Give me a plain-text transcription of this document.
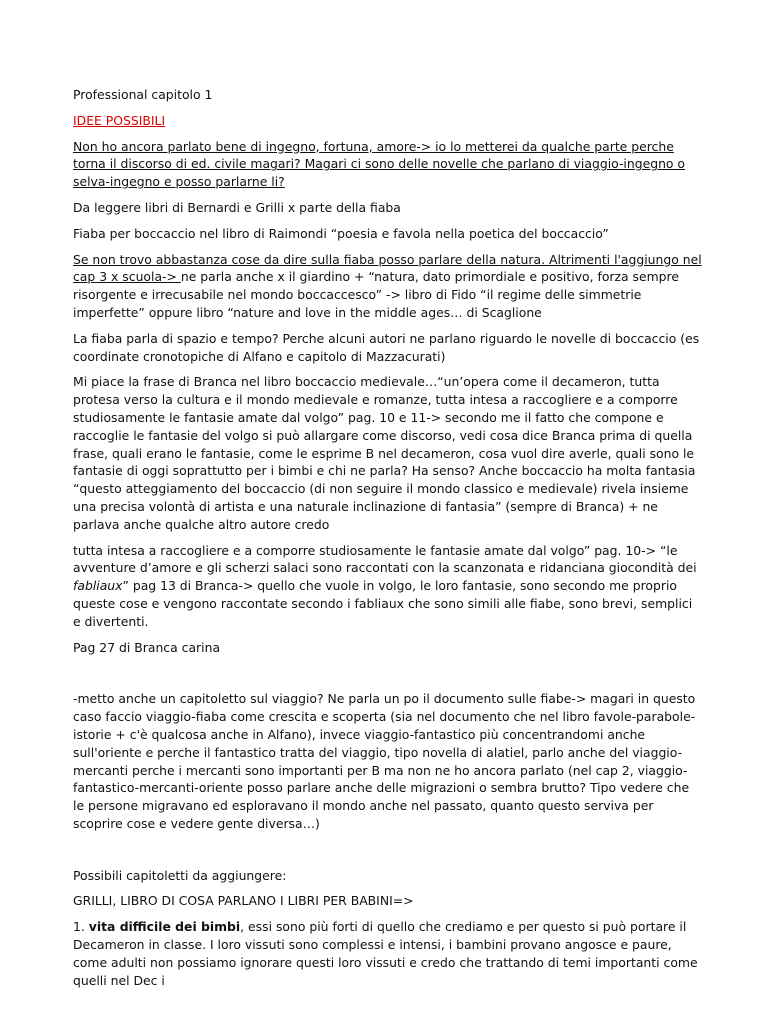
Professional capitolo 1

IDEE POSSIBILI

Non ho ancora parlato bene di ingegno, fortuna, amore-> io lo metterei da qualche parte perche torna il discorso di ed. civile magari? Magari ci sono delle novelle che parlano di viaggio-ingegno o selva-ingegno e posso parlarne li?

Da leggere libri di Bernardi e Grilli x parte della fiaba

Fiaba per boccaccio nel libro di Raimondi “poesia e favola nella poetica del boccaccio”

Se non trovo abbastanza cose da dire sulla fiaba posso parlare della natura. Altrimenti l'aggiungo nel cap 3 x scuola-> ne parla anche x il giardino + “natura, dato primordiale e positivo, forza sempre risorgente e irrecusabile nel mondo boccaccesco” -> libro di Fido “il regime delle simmetrie imperfette” oppure libro “nature and love in the middle ages… di Scaglione

La fiaba parla di spazio e tempo? Perche alcuni autori ne parlano riguardo le novelle di boccaccio (es coordinate cronotopiche di Alfano e capitolo di Mazzacurati)

Mi piace la frase di Branca nel libro boccaccio medievale…“un’opera come il decameron, tutta protesa verso la cultura e il mondo medievale e romanze, tutta intesa a raccogliere e a comporre studiosamente le fantasie amate dal volgo” pag. 10 e 11-> secondo me il fatto che compone e raccoglie le fantasie del volgo si può allargare come discorso, vedi cosa dice Branca prima di quella frase, quali erano le fantasie, come le esprime B nel decameron, cosa vuol dire averle, quali sono le fantasie di oggi soprattutto per i bimbi e chi ne parla? Ha senso? Anche boccaccio ha molta fantasia “questo atteggiamento del boccaccio (di non seguire il mondo classico e medievale) rivela insieme una precisa volontà di artista e una naturale inclinazione di fantasia” (sempre di Branca) + ne parlava anche qualche altro autore credo

tutta intesa a raccogliere e a comporre studiosamente le fantasie amate dal volgo” pag. 10-> “le avventure d’amore e gli scherzi salaci sono raccontati con la scanzonata e ridanciana giocondità dei fabliaux” pag 13 di Branca-> quello che vuole in volgo, le loro fantasie, sono secondo me proprio queste cose e vengono raccontate secondo i fabliaux che sono simili alle fiabe, sono brevi, semplici e divertenti.

Pag 27 di Branca carina

-metto anche un capitoletto sul viaggio? Ne parla un po il documento sulle fiabe-> magari in questo caso faccio viaggio-fiaba come crescita e scoperta (sia nel documento che nel libro favole-parabole-istorie + c'è qualcosa anche in Alfano), invece viaggio-fantastico più concentrandomi anche sull'oriente e perche il fantastico tratta del viaggio, tipo novella di alatiel, parlo anche del viaggio-mercanti perche i mercanti sono importanti per B ma non ne ho ancora parlato (nel cap 2, viaggio-fantastico-mercanti-oriente posso parlare anche delle migrazioni o sembra brutto? Tipo vedere che le persone migravano ed esploravano il mondo anche nel passato, quanto questo serviva per scoprire cose e vedere gente diversa…)

Possibili capitoletti da aggiungere:

GRILLI, LIBRO DI COSA PARLANO I LIBRI PER BABINI=>

1. vita difficile dei bimbi, essi sono più forti di quello che crediamo e per questo si può portare il Decameron in classe. I loro vissuti sono complessi e intensi, i bambini provano angosce e paure, come adulti non possiamo ignorare questi loro vissuti e credo che trattando di temi importanti come quelli nel Dec i
